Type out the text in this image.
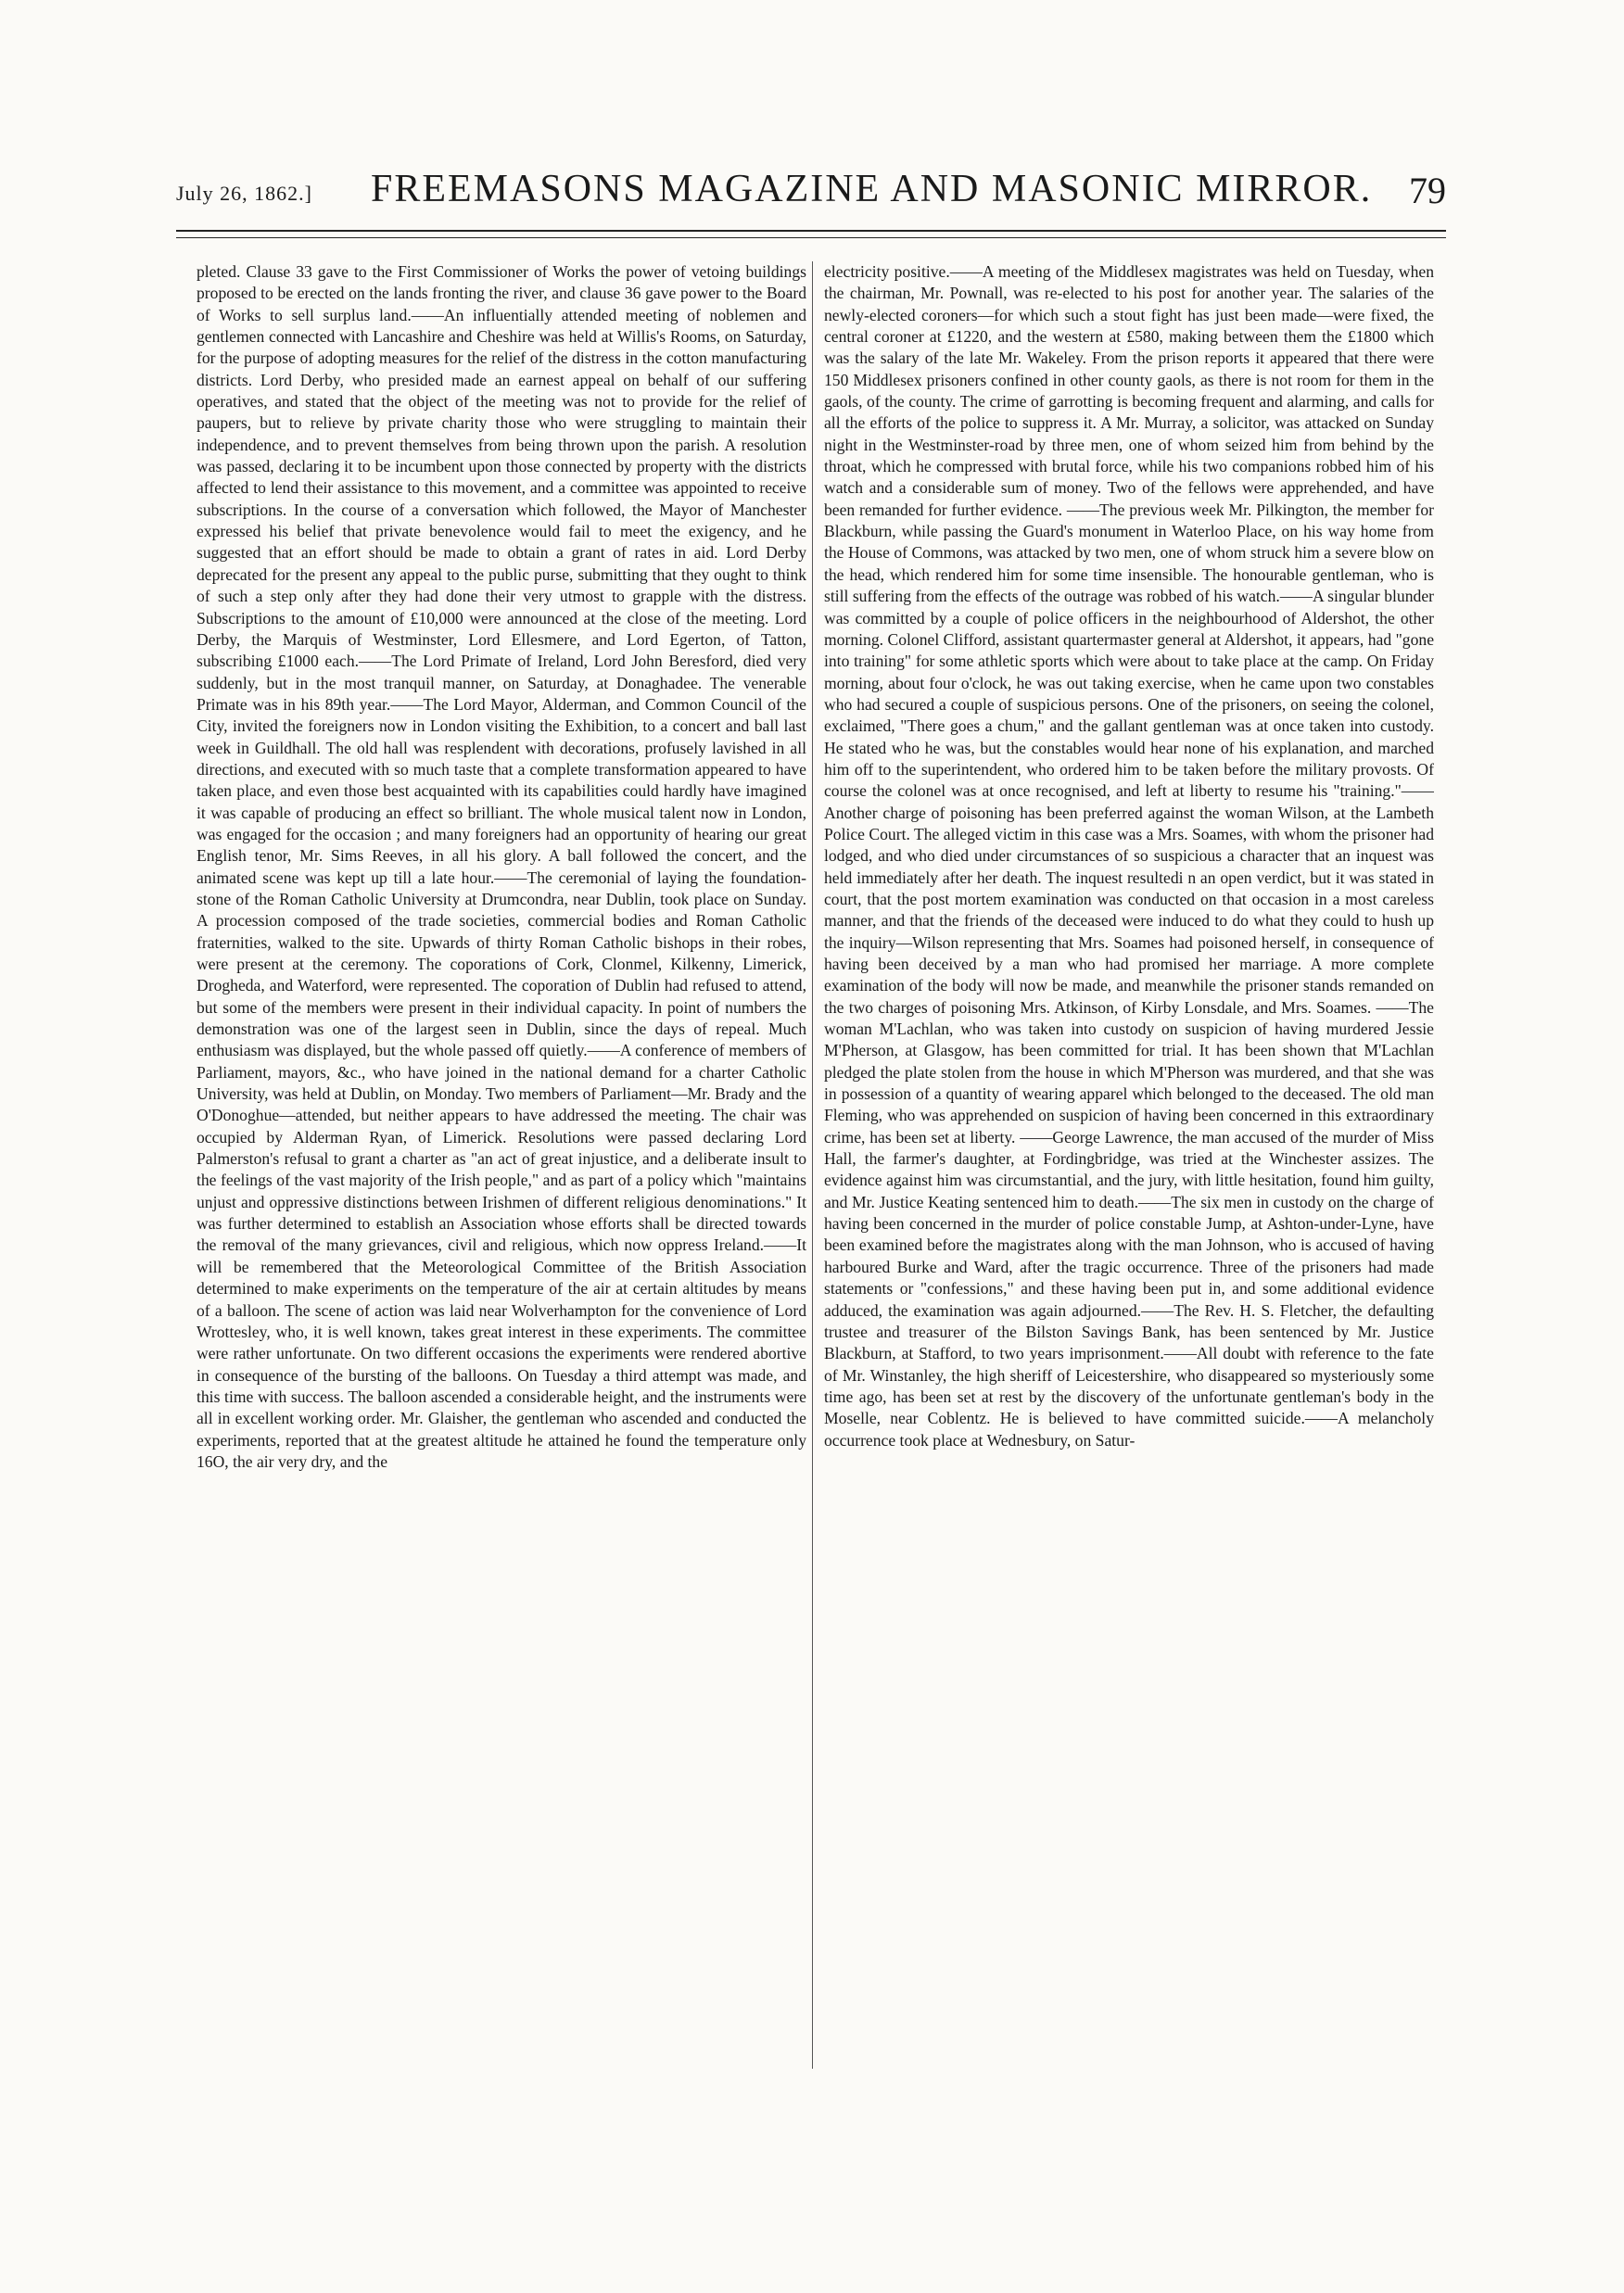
July 26, 1862.] FREEMASONS MAGAZINE AND MASONIC MIRROR. 79

pleted. Clause 33 gave to the First Commissioner of Works the power of vetoing buildings proposed to be erected on the lands fronting the river, and clause 36 gave power to the Board of Works to sell surplus land.——An influentially attended meeting of noblemen and gentlemen connected with Lancashire and Cheshire was held at Willis's Rooms, on Saturday, for the purpose of adopting measures for the relief of the distress in the cotton manufacturing districts. Lord Derby, who presided made an earnest appeal on behalf of our suffering operatives, and stated that the object of the meeting was not to provide for the relief of paupers, but to relieve by private charity those who were struggling to maintain their independence, and to prevent themselves from being thrown upon the parish. A resolution was passed, declaring it to be incumbent upon those connected by property with the districts affected to lend their assistance to this movement, and a committee was appointed to receive subscriptions. In the course of a conversation which followed, the Mayor of Manchester expressed his belief that private benevolence would fail to meet the exigency, and he suggested that an effort should be made to obtain a grant of rates in aid. Lord Derby deprecated for the present any appeal to the public purse, submitting that they ought to think of such a step only after they had done their very utmost to grapple with the distress. Subscriptions to the amount of £10,000 were announced at the close of the meeting. Lord Derby, the Marquis of Westminster, Lord Ellesmere, and Lord Egerton, of Tatton, subscribing £1000 each.——The Lord Primate of Ireland, Lord John Beresford, died very suddenly, but in the most tranquil manner, on Saturday, at Donaghadee. The venerable Primate was in his 89th year.——The Lord Mayor, Alderman, and Common Council of the City, invited the foreigners now in London visiting the Exhibition, to a concert and ball last week in Guildhall. The old hall was resplendent with decorations, profusely lavished in all directions, and executed with so much taste that a complete transformation appeared to have taken place, and even those best acquainted with its capabilities could hardly have imagined it was capable of producing an effect so brilliant. The whole musical talent now in London, was engaged for the occasion ; and many foreigners had an opportunity of hearing our great English tenor, Mr. Sims Reeves, in all his glory. A ball followed the concert, and the animated scene was kept up till a late hour.——The ceremonial of laying the foundation-stone of the Roman Catholic University at Drumcondra, near Dublin, took place on Sunday. A procession composed of the trade societies, commercial bodies and Roman Catholic fraternities, walked to the site. Upwards of thirty Roman Catholic bishops in their robes, were present at the ceremony. The coporations of Cork, Clonmel, Kilkenny, Limerick, Drogheda, and Waterford, were represented. The coporation of Dublin had refused to attend, but some of the members were present in their individual capacity. In point of numbers the demonstration was one of the largest seen in Dublin, since the days of repeal. Much enthusiasm was displayed, but the whole passed off quietly.——A conference of members of Parliament, mayors, &c., who have joined in the national demand for a charter Catholic University, was held at Dublin, on Monday. Two members of Parliament—Mr. Brady and the O'Donoghue—attended, but neither appears to have addressed the meeting. The chair was occupied by Alderman Ryan, of Limerick. Resolutions were passed declaring Lord Palmerston's refusal to grant a charter as "an act of great injustice, and a deliberate insult to the feelings of the vast majority of the Irish people," and as part of a policy which "maintains unjust and oppressive distinctions between Irishmen of different religious denominations." It was further determined to establish an Association whose efforts shall be directed towards the removal of the many grievances, civil and religious, which now oppress Ireland.——It will be remembered that the Meteorological Committee of the British Association determined to make experiments on the temperature of the air at certain altitudes by means of a balloon. The scene of action was laid near Wolverhampton for the convenience of Lord Wrottesley, who, it is well known, takes great interest in these experiments. The committee were rather unfortunate. On two different occasions the experiments were rendered abortive in consequence of the bursting of the balloons. On Tuesday a third attempt was made, and this time with success. The balloon ascended a considerable height, and the instruments were all in excellent working order. Mr. Glaisher, the gentleman who ascended and conducted the experiments, reported that at the greatest altitude he attained he found the temperature only 16O, the air very dry, and the

electricity positive.——A meeting of the Middlesex magistrates was held on Tuesday, when the chairman, Mr. Pownall, was re-elected to his post for another year. The salaries of the newly-elected coroners—for which such a stout fight has just been made—were fixed, the central coroner at £1220, and the western at £580, making between them the £1800 which was the salary of the late Mr. Wakeley. From the prison reports it appeared that there were 150 Middlesex prisoners confined in other county gaols, as there is not room for them in the gaols, of the county. The crime of garrotting is becoming frequent and alarming, and calls for all the efforts of the police to suppress it. A Mr. Murray, a solicitor, was attacked on Sunday night in the Westminster-road by three men, one of whom seized him from behind by the throat, which he compressed with brutal force, while his two companions robbed him of his watch and a considerable sum of money. Two of the fellows were apprehended, and have been remanded for further evidence. ——The previous week Mr. Pilkington, the member for Blackburn, while passing the Guard's monument in Waterloo Place, on his way home from the House of Commons, was attacked by two men, one of whom struck him a severe blow on the head, which rendered him for some time insensible. The honourable gentleman, who is still suffering from the effects of the outrage was robbed of his watch.——A singular blunder was committed by a couple of police officers in the neighbourhood of Aldershot, the other morning. Colonel Clifford, assistant quartermaster general at Aldershot, it appears, had "gone into training" for some athletic sports which were about to take place at the camp. On Friday morning, about four o'clock, he was out taking exercise, when he came upon two constables who had secured a couple of suspicious persons. One of the prisoners, on seeing the colonel, exclaimed, "There goes a chum," and the gallant gentleman was at once taken into custody. He stated who he was, but the constables would hear none of his explanation, and marched him off to the superintendent, who ordered him to be taken before the military provosts. Of course the colonel was at once recognised, and left at liberty to resume his "training."——Another charge of poisoning has been preferred against the woman Wilson, at the Lambeth Police Court. The alleged victim in this case was a Mrs. Soames, with whom the prisoner had lodged, and who died under circumstances of so suspicious a character that an inquest was held immediately after her death. The inquest resultedi n an open verdict, but it was stated in court, that the post mortem examination was conducted on that occasion in a most careless manner, and that the friends of the deceased were induced to do what they could to hush up the inquiry—Wilson representing that Mrs. Soames had poisoned herself, in consequence of having been deceived by a man who had promised her marriage. A more complete examination of the body will now be made, and meanwhile the prisoner stands remanded on the two charges of poisoning Mrs. Atkinson, of Kirby Lonsdale, and Mrs. Soames. ——The woman M'Lachlan, who was taken into custody on suspicion of having murdered Jessie M'Pherson, at Glasgow, has been committed for trial. It has been shown that M'Lachlan pledged the plate stolen from the house in which M'Pherson was murdered, and that she was in possession of a quantity of wearing apparel which belonged to the deceased. The old man Fleming, who was apprehended on suspicion of having been concerned in this extraordinary crime, has been set at liberty. ——George Lawrence, the man accused of the murder of Miss Hall, the farmer's daughter, at Fordingbridge, was tried at the Winchester assizes. The evidence against him was circumstantial, and the jury, with little hesitation, found him guilty, and Mr. Justice Keating sentenced him to death.——The six men in custody on the charge of having been concerned in the murder of police constable Jump, at Ashton-under-Lyne, have been examined before the magistrates along with the man Johnson, who is accused of having harboured Burke and Ward, after the tragic occurrence. Three of the prisoners had made statements or "confessions," and these having been put in, and some additional evidence adduced, the examination was again adjourned.——The Rev. H. S. Fletcher, the defaulting trustee and treasurer of the Bilston Savings Bank, has been sentenced by Mr. Justice Blackburn, at Stafford, to two years imprisonment.——All doubt with reference to the fate of Mr. Winstanley, the high sheriff of Leicestershire, who disappeared so mysteriously some time ago, has been set at rest by the discovery of the unfortunate gentleman's body in the Moselle, near Coblentz. He is believed to have committed suicide.——A melancholy occurrence took place at Wednesbury, on Satur-
